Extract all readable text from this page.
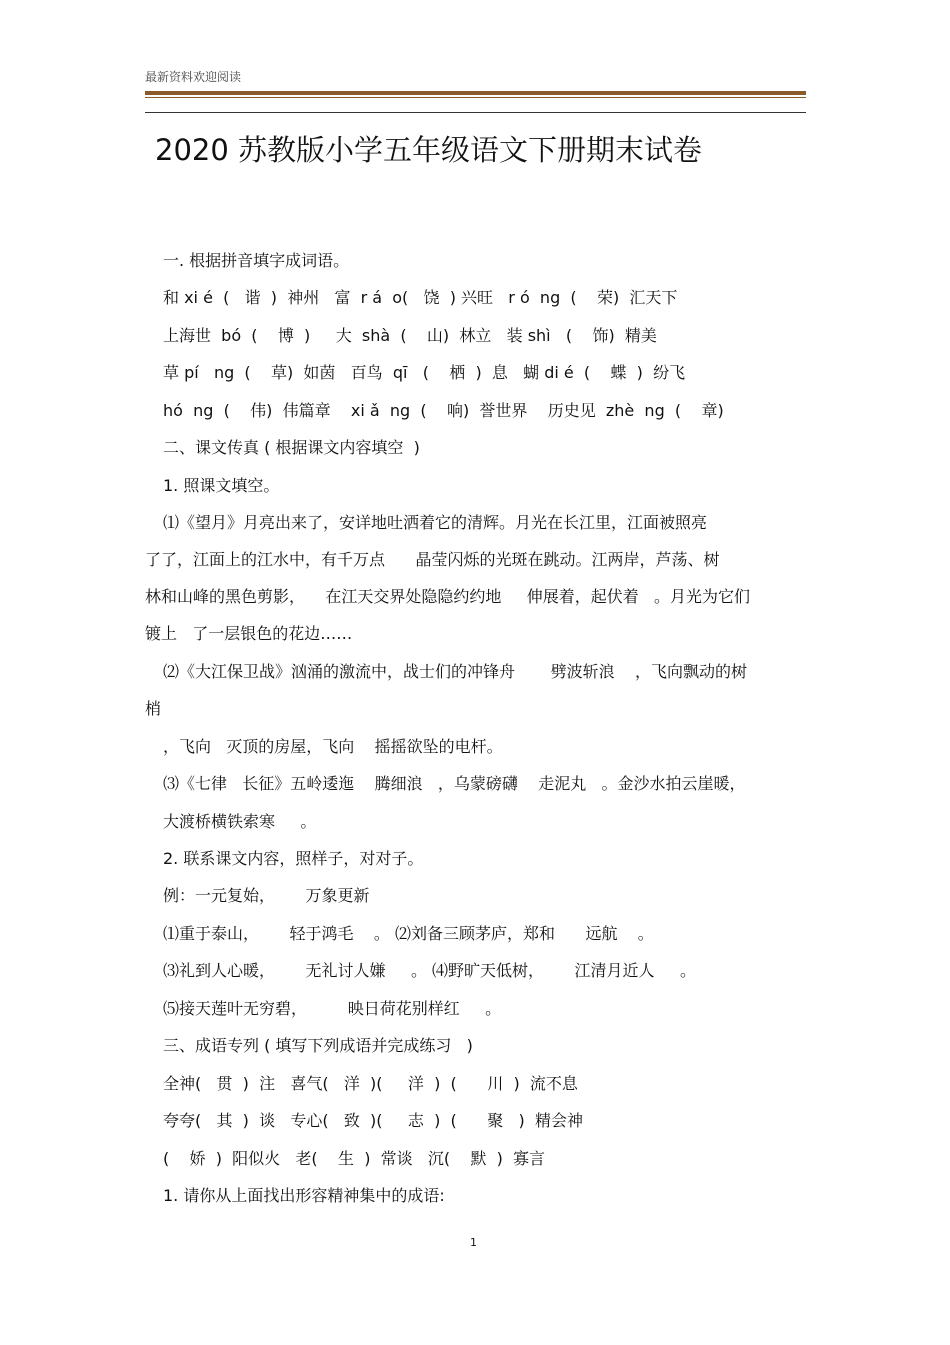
最新资料欢迎阅读
2020 苏教版小学五年级语文下册期末试卷
一. 根据拼音填字成词语。
和 xi é  (   谐  )  神州   富  r á  o(   饶  ) 兴旺   r ó  ng  (    荣)  汇天下
上海世  bó  (    博  )     大  shà  (    山)  林立   装 shì   (    饰)  精美
草 pí   ng  (    草)  如茵   百鸟  qī   (    栖  )  息   蝴 di é  (    蝶  )  纷飞
hó  ng  (    伟)  伟篇章    xi ǎ  ng  (    响)  誉世界    历史见  zhè  ng  (    章)
二、课文传真 ( 根据课文内容填空  )
1. 照课文填空。
⑴《望月》月亮出来了，安详地吐洒着它的清辉。月光在长江里，江面被照亮
了了，江面上的江水中，有千万点      晶莹闪烁的光斑在跳动。江两岸，芦荡、树
林和山峰的黑色剪影，    在江天交界处隐隐约约地     伸展着，起伏着   。月光为它们
镀上   了一层银色的花边……
⑵《大江保卫战》汹涌的激流中，战士们的冲锋舟       劈波斩浪    ，飞向飘动的树
梢
，飞向   灭顶的房屋，飞向    摇摇欲坠的电杆。
⑶《七律   长征》五岭逶迤    腾细浪   ，乌蒙磅礴    走泥丸   。金沙水拍云崖暖，
大渡桥横铁索寒     。
2. 联系课文内容，照样子，对对子。
例：一元复始，      万象更新
⑴重于泰山，      轻于鸿毛    。 ⑵刘备三顾茅庐，郑和      远航    。
⑶礼到人心暖，      无礼讨人嫌     。 ⑷野旷天低树，      江清月近人     。
⑸接天莲叶无穷碧，        映日荷花别样红     。
三、成语专列 ( 填写下列成语并完成练习   )
全神(   贯  )  注   喜气(   洋  )(     洋  )  (      川  )  流不息
夸夸(   其  )  谈   专心(   致  )(     志  )  (      聚   )  精会神
(    娇  )  阳似火   老(    生  )  常谈   沉(    默  )  寡言
1. 请你从上面找出形容精神集中的成语:
1
